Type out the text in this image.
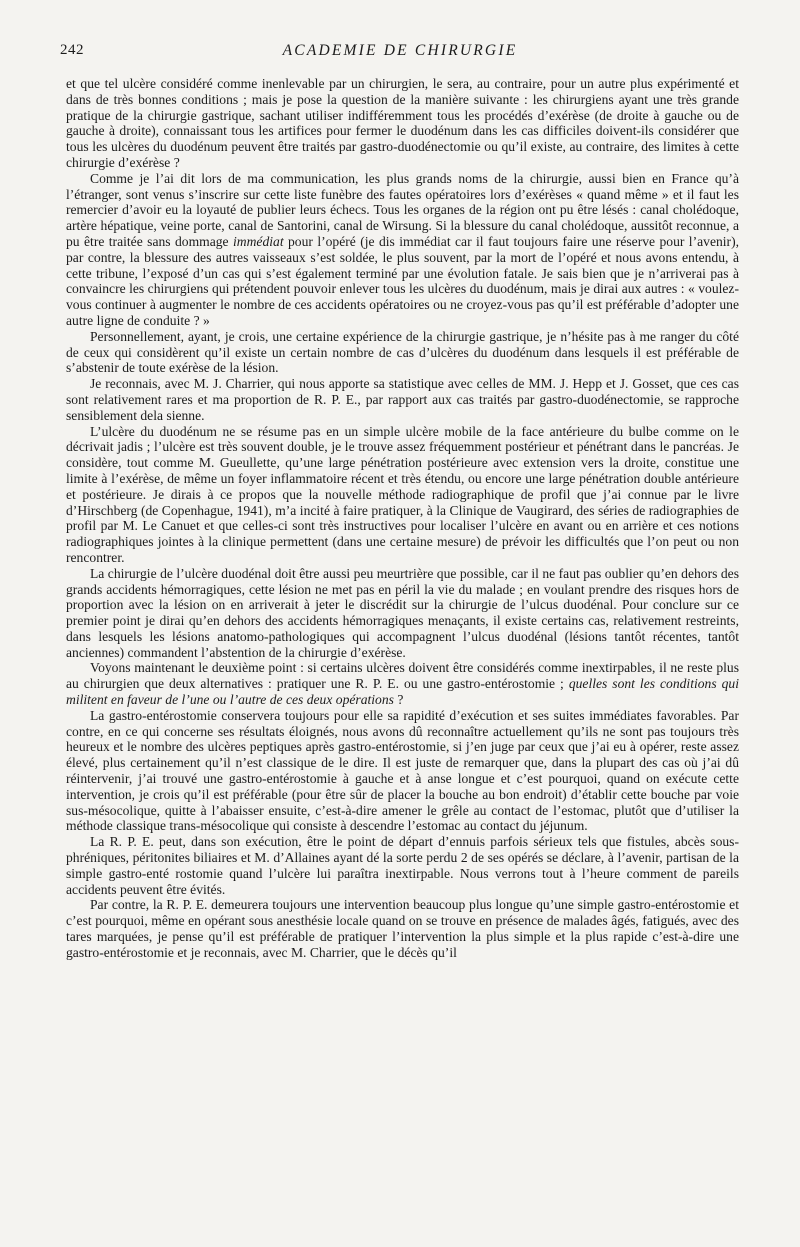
242	ACADEMIE DE CHIRURGIE

et que tel ulcère considéré comme inenlevable par un chirurgien, le sera, au contraire, pour un autre plus expérimenté et dans de très bonnes conditions ; mais je pose la question de la manière suivante : les chirurgiens ayant une très grande pratique de la chirurgie gastrique, sachant utiliser indifféremment tous les procédés d’exérèse (de droite à gauche ou de gauche à droite), connaissant tous les artifices pour fermer le duodénum dans les cas difficiles doivent-ils considérer que tous les ulcères du duodénum peuvent être traités par gastro-duodénectomie ou qu’il existe, au contraire, des limites à cette chirurgie d’exérèse ?

Comme je l’ai dit lors de ma communication, les plus grands noms de la chirurgie, aussi bien en France qu’à l’étranger, sont venus s’inscrire sur cette liste funèbre des fautes opératoires lors d’exérèses « quand même » et il faut les remercier d’avoir eu la loyauté de publier leurs échecs. Tous les organes de la région ont pu être lésés : canal cholédoque, artère hépatique, veine porte, canal de Santorini, canal de Wirsung. Si la blessure du canal cholédoque, aussitôt reconnue, a pu être traitée sans dommage immédiat pour l’opéré (je dis immédiat car il faut toujours faire une réserve pour l’avenir), par contre, la blessure des autres vaisseaux s’est soldée, le plus souvent, par la mort de l’opéré et nous avons entendu, à cette tribune, l’exposé d’un cas qui s’est également terminé par une évolution fatale. Je sais bien que je n’arriverai pas à convaincre les chirurgiens qui prétendent pouvoir enlever tous les ulcères du duodénum, mais je dirai aux autres : « voulez-vous continuer à augmenter le nombre de ces accidents opératoires ou ne croyez-vous pas qu’il est préférable d’adopter une autre ligne de conduite ? »

Personnellement, ayant, je crois, une certaine expérience de la chirurgie gastrique, je n’hésite pas à me ranger du côté de ceux qui considèrent qu’il existe un certain nombre de cas d’ulcères du duodénum dans lesquels il est préférable de s’abstenir de toute exérèse de la lésion.

Je reconnais, avec M. J. Charrier, qui nous apporte sa statistique avec celles de MM. J. Hepp et J. Gosset, que ces cas sont relativement rares et ma proportion de R. P. E., par rapport aux cas traités par gastro-duodénectomie, se rapproche sensiblement dela sienne.

L’ulcère du duodénum ne se résume pas en un simple ulcère mobile de la face antérieure du bulbe comme on le décrivait jadis ; l’ulcère est très souvent double, je le trouve assez fréquemment postérieur et pénétrant dans le pancréas. Je considère, tout comme M. Gueullette, qu’une large pénétration postérieure avec extension vers la droite, constitue une limite à l’exérèse, de même un foyer inflammatoire récent et très étendu, ou encore une large pénétration double antérieure et postérieure. Je dirais à ce propos que la nouvelle méthode radiographique de profil que j’ai connue par le livre d’Hirschberg (de Copenhague, 1941), m’a incité à faire pratiquer, à la Clinique de Vaugirard, des séries de radiographies de profil par M. Le Canuet et que celles-ci sont très instructives pour localiser l’ulcère en avant ou en arrière et ces notions radiographiques jointes à la clinique permettent (dans une certaine mesure) de prévoir les difficultés que l’on peut ou non rencontrer.

La chirurgie de l’ulcère duodénal doit être aussi peu meurtrière que possible, car il ne faut pas oublier qu’en dehors des grands accidents hémorragiques, cette lésion ne met pas en péril la vie du malade ; en voulant prendre des risques hors de proportion avec la lésion on en arriverait à jeter le discrédit sur la chirurgie de l’ulcus duodénal. Pour conclure sur ce premier point je dirai qu’en dehors des accidents hémorragiques menaçants, il existe certains cas, relativement restreints, dans lesquels les lésions anatomo-pathologiques qui accompagnent l’ulcus duodénal (lésions tantôt récentes, tantôt anciennes) commandent l’abstention de la chirurgie d’exérèse.

Voyons maintenant le deuxième point : si certains ulcères doivent être considérés comme inextirpables, il ne reste plus au chirurgien que deux alternatives : pratiquer une R. P. E. ou une gastro-entérostomie ; quelles sont les conditions qui militent en faveur de l’une ou l’autre de ces deux opérations ?

La gastro-entérostomie conservera toujours pour elle sa rapidité d’exécution et ses suites immédiates favorables. Par contre, en ce qui concerne ses résultats éloignés, nous avons dû reconnaître actuellement qu’ils ne sont pas toujours très heureux et le nombre des ulcères peptiques après gastro-entérostomie, si j’en juge par ceux que j’ai eu à opérer, reste assez élevé, plus certainement qu’il n’est classique de le dire. Il est juste de remarquer que, dans la plupart des cas où j’ai dû réintervenir, j’ai trouvé une gastro-entérostomie à gauche et à anse longue et c’est pourquoi, quand on exécute cette intervention, je crois qu’il est préférable (pour être sûr de placer la bouche au bon endroit) d’établir cette bouche par voie sus-mésocolique, quitte à l’abaisser ensuite, c’est-à-dire amener le grêle au contact de l’estomac, plutôt que d’utiliser la méthode classique trans-mésocolique qui consiste à descendre l’estomac au contact du jéjunum.

La R. P. E. peut, dans son exécution, être le point de départ d’ennuis parfois sérieux tels que fistules, abcès sous-phréniques, péritonites biliaires et M. d’Allaines ayant dé la sorte perdu 2 de ses opérés se déclare, à l’avenir, partisan de la simple gastro-enté rostomie quand l’ulcère lui paraîtra inextirpable. Nous verrons tout à l’heure comment de pareils accidents peuvent être évités.

Par contre, la R. P. E. demeurera toujours une intervention beaucoup plus longue qu’une simple gastro-entérostomie et c’est pourquoi, même en opérant sous anesthésie locale quand on se trouve en présence de malades âgés, fatigués, avec des tares marquées, je pense qu’il est préférable de pratiquer l’intervention la plus simple et la plus rapide c’est-à-dire une gastro-entérostomie et je reconnais, avec M. Charrier, que le décès qu’il
